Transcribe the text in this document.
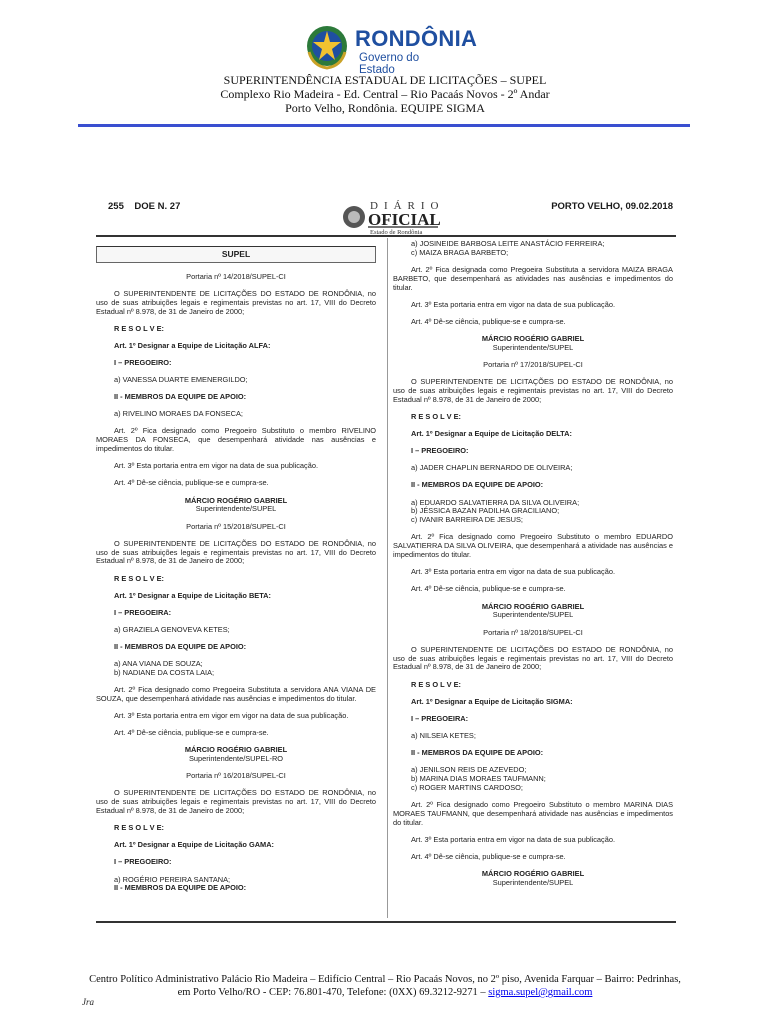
RONDÔNIA
Governo do Estado
SUPERINTENDÊNCIA ESTADUAL DE LICITAÇÕES – SUPEL
Complexo Rio Madeira - Ed. Central – Rio Pacaás Novos - 2º Andar
Porto Velho, Rondônia. EQUIPE SIGMA
255 DOE N. 27	DIÁRIO
OFICIAL
Estado de Rondônia
PORTO VELHO, 09.02.2018
SUPEL

Portaria nº 14/2018/SUPEL-CI

O SUPERINTENDENTE DE LICITAÇÕES DO ESTADO DE RONDÔNIA, no uso de suas atribuições legais e regimentais previstas no art. 17, VIII do Decreto Estadual nº 8.978, de 31 de Janeiro de 2000;

R E S O L V E:

Art. 1º Designar a Equipe de Licitação ALFA:

I – PREGOEIRO:

a) VANESSA DUARTE EMENERGILDO;

II - MEMBROS DA EQUIPE DE APOIO:

a) RIVELINO MORAES DA FONSECA;

Art. 2º Fica designado como Pregoeiro Substituto o membro RIVELINO MORAES DA FONSECA, que desempenhará atividade nas ausências e impedimentos do titular.

Art. 3º Esta portaria entra em vigor na data de sua publicação.

Art. 4º Dê-se ciência, publique-se e cumpra-se.

MÁRCIO ROGÉRIO GABRIEL
Superintendente/SUPEL

Portaria nº 15/2018/SUPEL-CI

O SUPERINTENDENTE DE LICITAÇÕES DO ESTADO DE RONDÔNIA, no uso de suas atribuições legais e regimentais previstas no art. 17, VIII do Decreto Estadual nº 8.978, de 31 de Janeiro de 2000;

R E S O L V E:

Art. 1º Designar a Equipe de Licitação BETA:

I – PREGOEIRA:

a) GRAZIELA GENOVEVA KETES;

II - MEMBROS DA EQUIPE DE APOIO:

a) ANA VIANA DE SOUZA;

b) NADIANE DA COSTA LAIA;

Art. 2º Fica designado como Pregoeira Substituta a servidora ANA VIANA DE SOUZA, que desempenhará atividade nas ausências e impedimentos do titular.

Art. 3º Esta portaria entra em vigor em vigor na data de sua publicação.

Art. 4º Dê-se ciência, publique-se e cumpra-se.

MÁRCIO ROGÉRIO GABRIEL
Superintendente/SUPEL-RO

Portaria nº 16/2018/SUPEL-CI

O SUPERINTENDENTE DE LICITAÇÕES DO ESTADO DE RONDÔNIA, no uso de suas atribuições legais e regimentais previstas no art. 17, VIII do Decreto Estadual nº 8.978, de 31 de Janeiro de 2000;

R E S O L V E:

Art. 1º Designar a Equipe de Licitação GAMA:

I – PREGOEIRO:

a) ROGÉRIO PEREIRA SANTANA;

II - MEMBROS DA EQUIPE DE APOIO:

a) JOSINEIDE BARBOSA LEITE ANASTÁCIO FERREIRA;

c) MAIZA BRAGA BARBETO;

Art. 2º Fica designada como Pregoeira Substituta a servidora MAIZA BRAGA BARBETO, que desempenhará as atividades nas ausências e impedimentos do titular.

Art. 3º Esta portaria entra em vigor na data de sua publicação.

Art. 4º Dê-se ciência, publique-se e cumpra-se.

MÁRCIO ROGÉRIO GABRIEL
Superintendente/SUPEL

Portaria nº 17/2018/SUPEL-CI

O SUPERINTENDENTE DE LICITAÇÕES DO ESTADO DE RONDÔNIA, no uso de suas atribuições legais e regimentais previstas no art. 17, VIII do Decreto Estadual nº 8.978, de 31 de Janeiro de 2000;

R E S O L V E:

Art. 1º Designar a Equipe de Licitação DELTA:

I – PREGOEIRO:

a) JADER CHAPLIN BERNARDO DE OLIVEIRA;

II - MEMBROS DA EQUIPE DE APOIO:

a) EDUARDO SALVATIERRA DA SILVA OLIVEIRA;

b) JÉSSICA BAZAN PADILHA GRACILIANO;

c) IVANIR BARREIRA DE JESUS;

Art. 2º Fica designado como Pregoeiro Substituto o membro EDUARDO SALVATIERRA DA SILVA OLIVEIRA, que desempenhará a atividade nas ausências e impedimentos do titular.

Art. 3º Esta portaria entra em vigor na data de sua publicação.

Art. 4º Dê-se ciência, publique-se e cumpra-se.

MÁRCIO ROGÉRIO GABRIEL
Superintendente/SUPEL

Portaria nº 18/2018/SUPEL-CI

O SUPERINTENDENTE DE LICITAÇÕES DO ESTADO DE RONDÔNIA, no uso de suas atribuições legais e regimentais previstas no art. 17, VIII do Decreto Estadual nº 8.978, de 31 de Janeiro de 2000;

R E S O L V E:

Art. 1º Designar a Equipe de Licitação SIGMA:

I – PREGOEIRA:

a) NILSEIA KETES;

II - MEMBROS DA EQUIPE DE APOIO:

a) JENILSON REIS DE AZEVEDO;

b) MARINA DIAS MORAES TAUFMANN;

c) ROGER MARTINS CARDOSO;

Art. 2º Fica designado como Pregoeiro Substituto o membro MARINA DIAS MORAES TAUFMANN, que desempenhará atividade nas ausências e impedimentos do titular.

Art. 3º Esta portaria entra em vigor na data de sua publicação.

Art. 4º Dê-se ciência, publique-se e cumpra-se.

MÁRCIO ROGÉRIO GABRIEL
Superintendente/SUPEL
Centro Político Administrativo Palácio Rio Madeira – Edifício Central – Rio Pacaás Novos, no 2º piso, Avenida Farquar – Bairro: Pedrinhas,
em Porto Velho/RO - CEP: 76.801-470, Telefone: (0XX) 69.3212-9271 – sigma.supel@gmail.com
Jra
